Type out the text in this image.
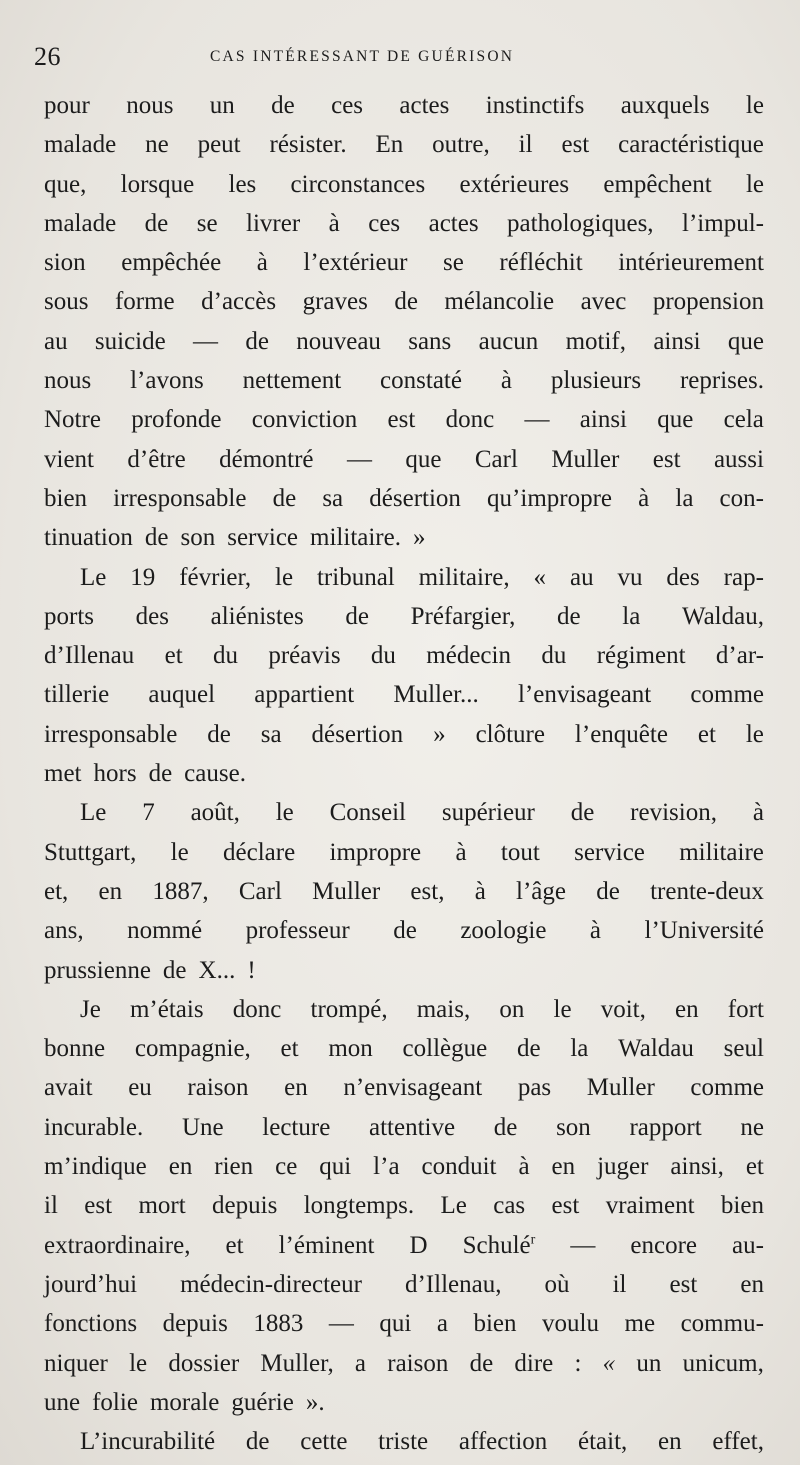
26	CAS INTÉRESSANT DE GUÉRISON
pour nous un de ces actes instinctifs auxquels le
malade ne peut résister. En outre, il est caractéristique
que, lorsque les circonstances extérieures empêchent le
malade de se livrer à ces actes pathologiques, l’impul-
sion empêchée à l’extérieur se réfléchit intérieurement
sous forme d’accès graves de mélancolie avec propension
au suicide — de nouveau sans aucun motif, ainsi que
nous l’avons nettement constaté à plusieurs reprises.
Notre profonde conviction est donc — ainsi que cela
vient d’être démontré — que Carl Muller est aussi
bien irresponsable de sa désertion qu’impropre à la con-
tinuation de son service militaire. »
Le 19 février, le tribunal militaire, « au vu des rap-
ports des aliénistes de Préfargier, de la Waldau,
d’Illenau et du préavis du médecin du régiment d’ar-
tillerie auquel appartient Muller... l’envisageant comme
irresponsable de sa désertion » clôture l’enquête et le
met hors de cause.
Le 7 août, le Conseil supérieur de revision, à
Stuttgart, le déclare impropre à tout service militaire
et, en 1887, Carl Muller est, à l’âge de trente-deux
ans, nommé professeur de zoologie à l’Université
prussienne de X... !
Je m’étais donc trompé, mais, on le voit, en fort
bonne compagnie, et mon collègue de la Waldau seul
avait eu raison en n’envisageant pas Muller comme
incurable. Une lecture attentive de son rapport ne
m’indique en rien ce qui l’a conduit à en juger ainsi, et
il est mort depuis longtemps. Le cas est vraiment bien
extraordinaire, et l’éminent D Schulé$^r$ — encore au-
jourd’hui médecin-directeur d’Illenau, où il est en
fonctions depuis 1883 — qui a bien voulu me commu-
niquer le dossier Muller, a raison de dire : « un unicum,
une folie morale guérie ».
L’incurabilité de cette triste affection était, en effet,
